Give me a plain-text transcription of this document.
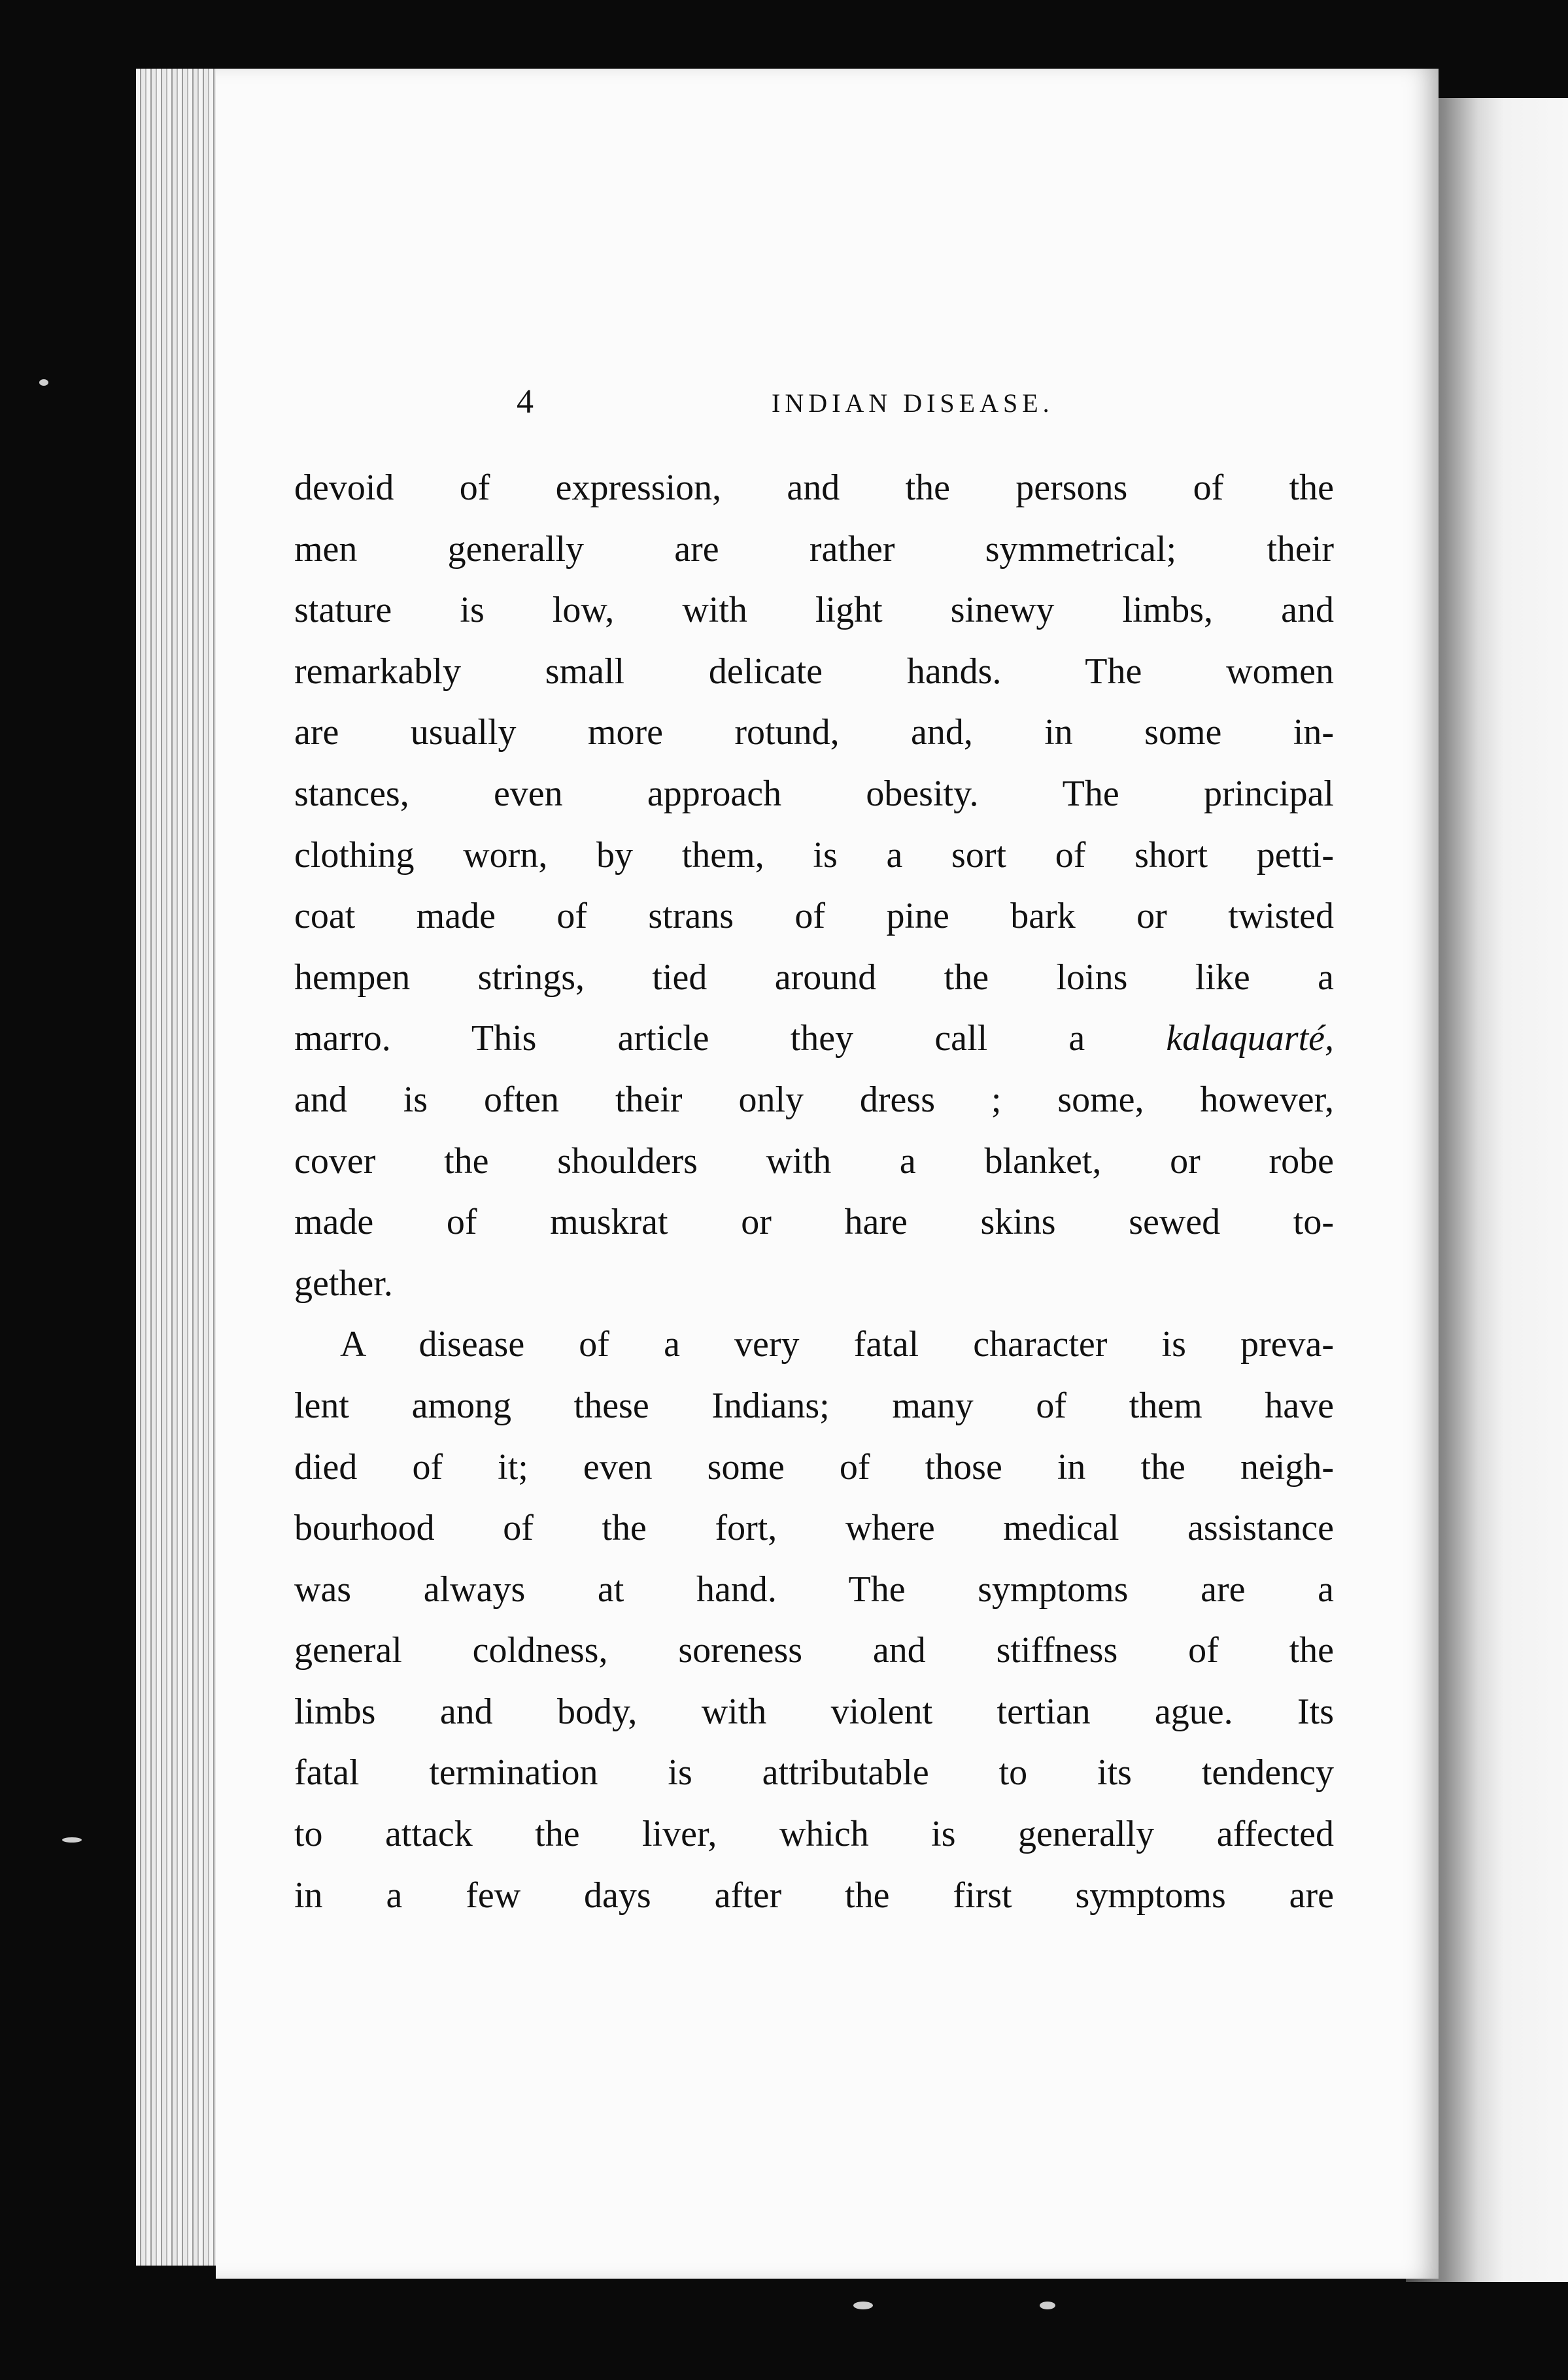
4	INDIAN DISEASE.
devoid of expression, and the persons of the
men generally are rather symmetrical; their
stature is low, with light sinewy limbs, and
remarkably small delicate hands. The women
are usually more rotund, and, in some in-
stances, even approach obesity. The principal
clothing worn, by them, is a sort of short petti-
coat made of strans of pine bark or twisted
hempen strings, tied around the loins like a
marro. This article they call a kalaquarté,
and is often their only dress ; some, however,
cover the shoulders with a blanket, or robe
made of muskrat or hare skins sewed to-
gether.
A disease of a very fatal character is preva-
lent among these Indians; many of them have
died of it; even some of those in the neigh-
bourhood of the fort, where medical assistance
was always at hand. The symptoms are a
general coldness, soreness and stiffness of the
limbs and body, with violent tertian ague. Its
fatal termination is attributable to its tendency
to attack the liver, which is generally affected
in a few days after the first symptoms are
